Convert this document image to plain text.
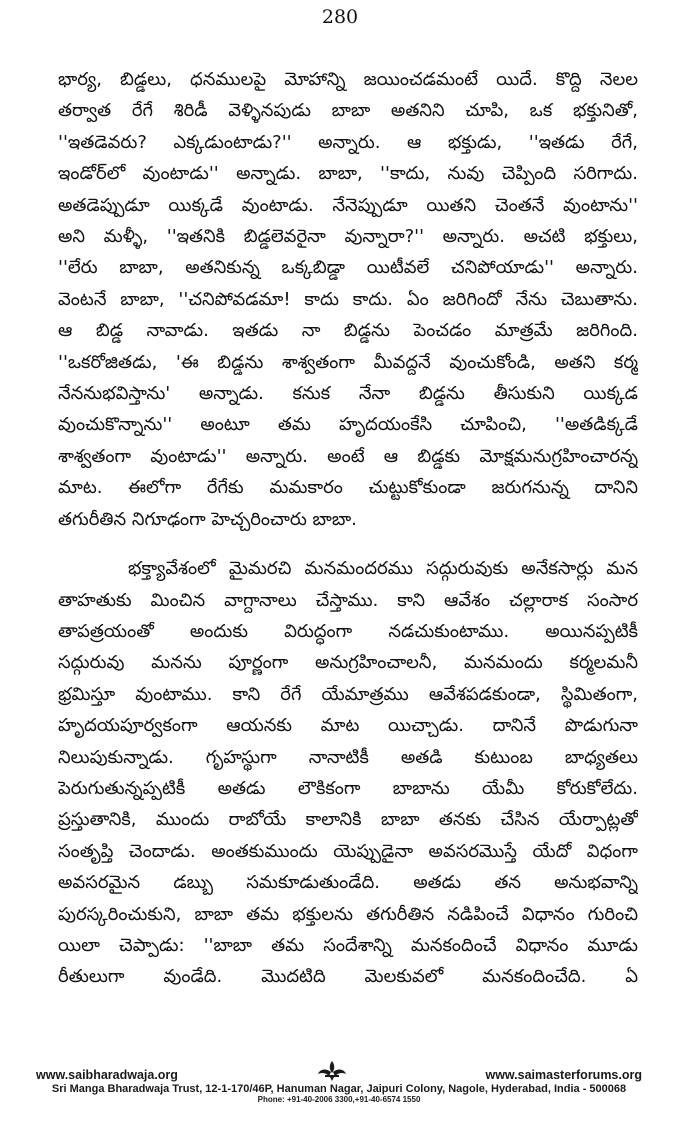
280

భార్య, బిడ్డలు, ధనములపై మోహాన్ని జయించడమంటే యిదే. కొద్ది నెలల

తర్వాత రేగే శిరిడీ వెళ్ళినపుడు బాబా అతనిని చూపి, ఒక భక్తునితో,

''ఇతడెవరు? ఎక్కడుంటాడు?'' అన్నారు. ఆ భక్తుడు, ''ఇతడు రేగే,

ఇండోర్‌లో వుంటాడు'' అన్నాడు. బాబా, ''కాదు, నువు చెప్పింది సరిగాదు.

అతడెప్పుడూ యిక్కడే వుంటాడు. నేనెప్పుడూ యితని చెంతనే వుంటాను''

అని మళ్ళీ, ''ఇతనికి బిడ్డలెవరైనా వున్నారా?'' అన్నారు. అచటి భక్తులు,

''లేరు బాబా, అతనికున్న ఒక్కబిడ్డా యిటీవలే చనిపోయాడు'' అన్నారు.

వెంటనే బాబా, ''చనిపోవడమా! కాదు కాదు. ఏం జరిగిందో నేను చెబుతాను.

ఆ బిడ్డ నావాడు. ఇతడు నా బిడ్డను పెంచడం మాత్రమే జరిగింది.

''ఒకరోజితడు, 'ఈ బిడ్డను శాశ్వతంగా మీవద్దనే వుంచుకోండి, అతని కర్మ

నేననుభవిస్తాను' అన్నాడు. కనుక నేనా బిడ్డను తీసుకుని యిక్కడ

వుంచుకొన్నాను'' అంటూ తమ హృదయంకేసి చూపించి, ''అతడిక్కడే

శాశ్వతంగా వుంటాడు'' అన్నారు. అంటే ఆ బిడ్డకు మోక్షమనుగ్రహించారన్న

మాట. ఈలోగా రేగేకు మమకారం చుట్టుకోకుండా జరుగనున్న దానిని

తగురీతిన నిగూఢంగా హెచ్చరించారు బాబా.

భక్త్యావేశంలో మైమరచి మనమందరము సద్గురువుకు అనేకసార్లు మన

తాహతుకు మించిన వాగ్దానాలు చేస్తాము. కాని ఆవేశం చల్లారాక సంసార

తాపత్రయంతో అందుకు విరుద్ధంగా నడచుకుంటాము. అయినప్పటికీ

సద్గురువు మనను పూర్ణంగా అనుగ్రహించాలనీ, మనమందు కర్మలమనీ

భ్రమిస్తూ వుంటాము. కాని రేగే యేమాత్రము ఆవేశపడకుండా, స్థిమితంగా,

హృదయపూర్వకంగా ఆయనకు మాట యిచ్చాడు. దానినే పొడుగునా

నిలుపుకున్నాడు. గృహస్థుగా నానాటికీ అతడి కుటుంబ బాధ్యతలు

పెరుగుతున్నప్పటికీ అతడు లౌకికంగా బాబాను యేమీ కోరుకోలేదు.

ప్రస్తుతానికి, ముందు రాబోయే కాలానికి బాబా తనకు చేసిన యేర్పాట్లతో

సంతృప్తి చెందాడు. అంతకుముందు యెప్పుడైనా అవసరమొస్తే యేదో విధంగా

అవసరమైన డబ్బు సమకూడుతుండేది. అతడు తన అనుభవాన్ని

పురస్కరించుకుని, బాబా తమ భక్తులను తగురీతిన నడిపించే విధానం గురించి

యిలా చెప్పాడు: ''బాబా తమ సందేశాన్ని మనకందించే విధానం మూడు

రీతులుగా వుండేది. మొదటిది మెలకువలో మనకందించేది. ఏ

www.saibharadwaja.org	www.saimasterforums.org
Sri Manga Bharadwaja Trust, 12-1-170/46P, Hanuman Nagar, Jaipuri Colony, Nagole, Hyderabad, India - 500068
Phone: +91-40-2006 3300,+91-40-6574 1550
